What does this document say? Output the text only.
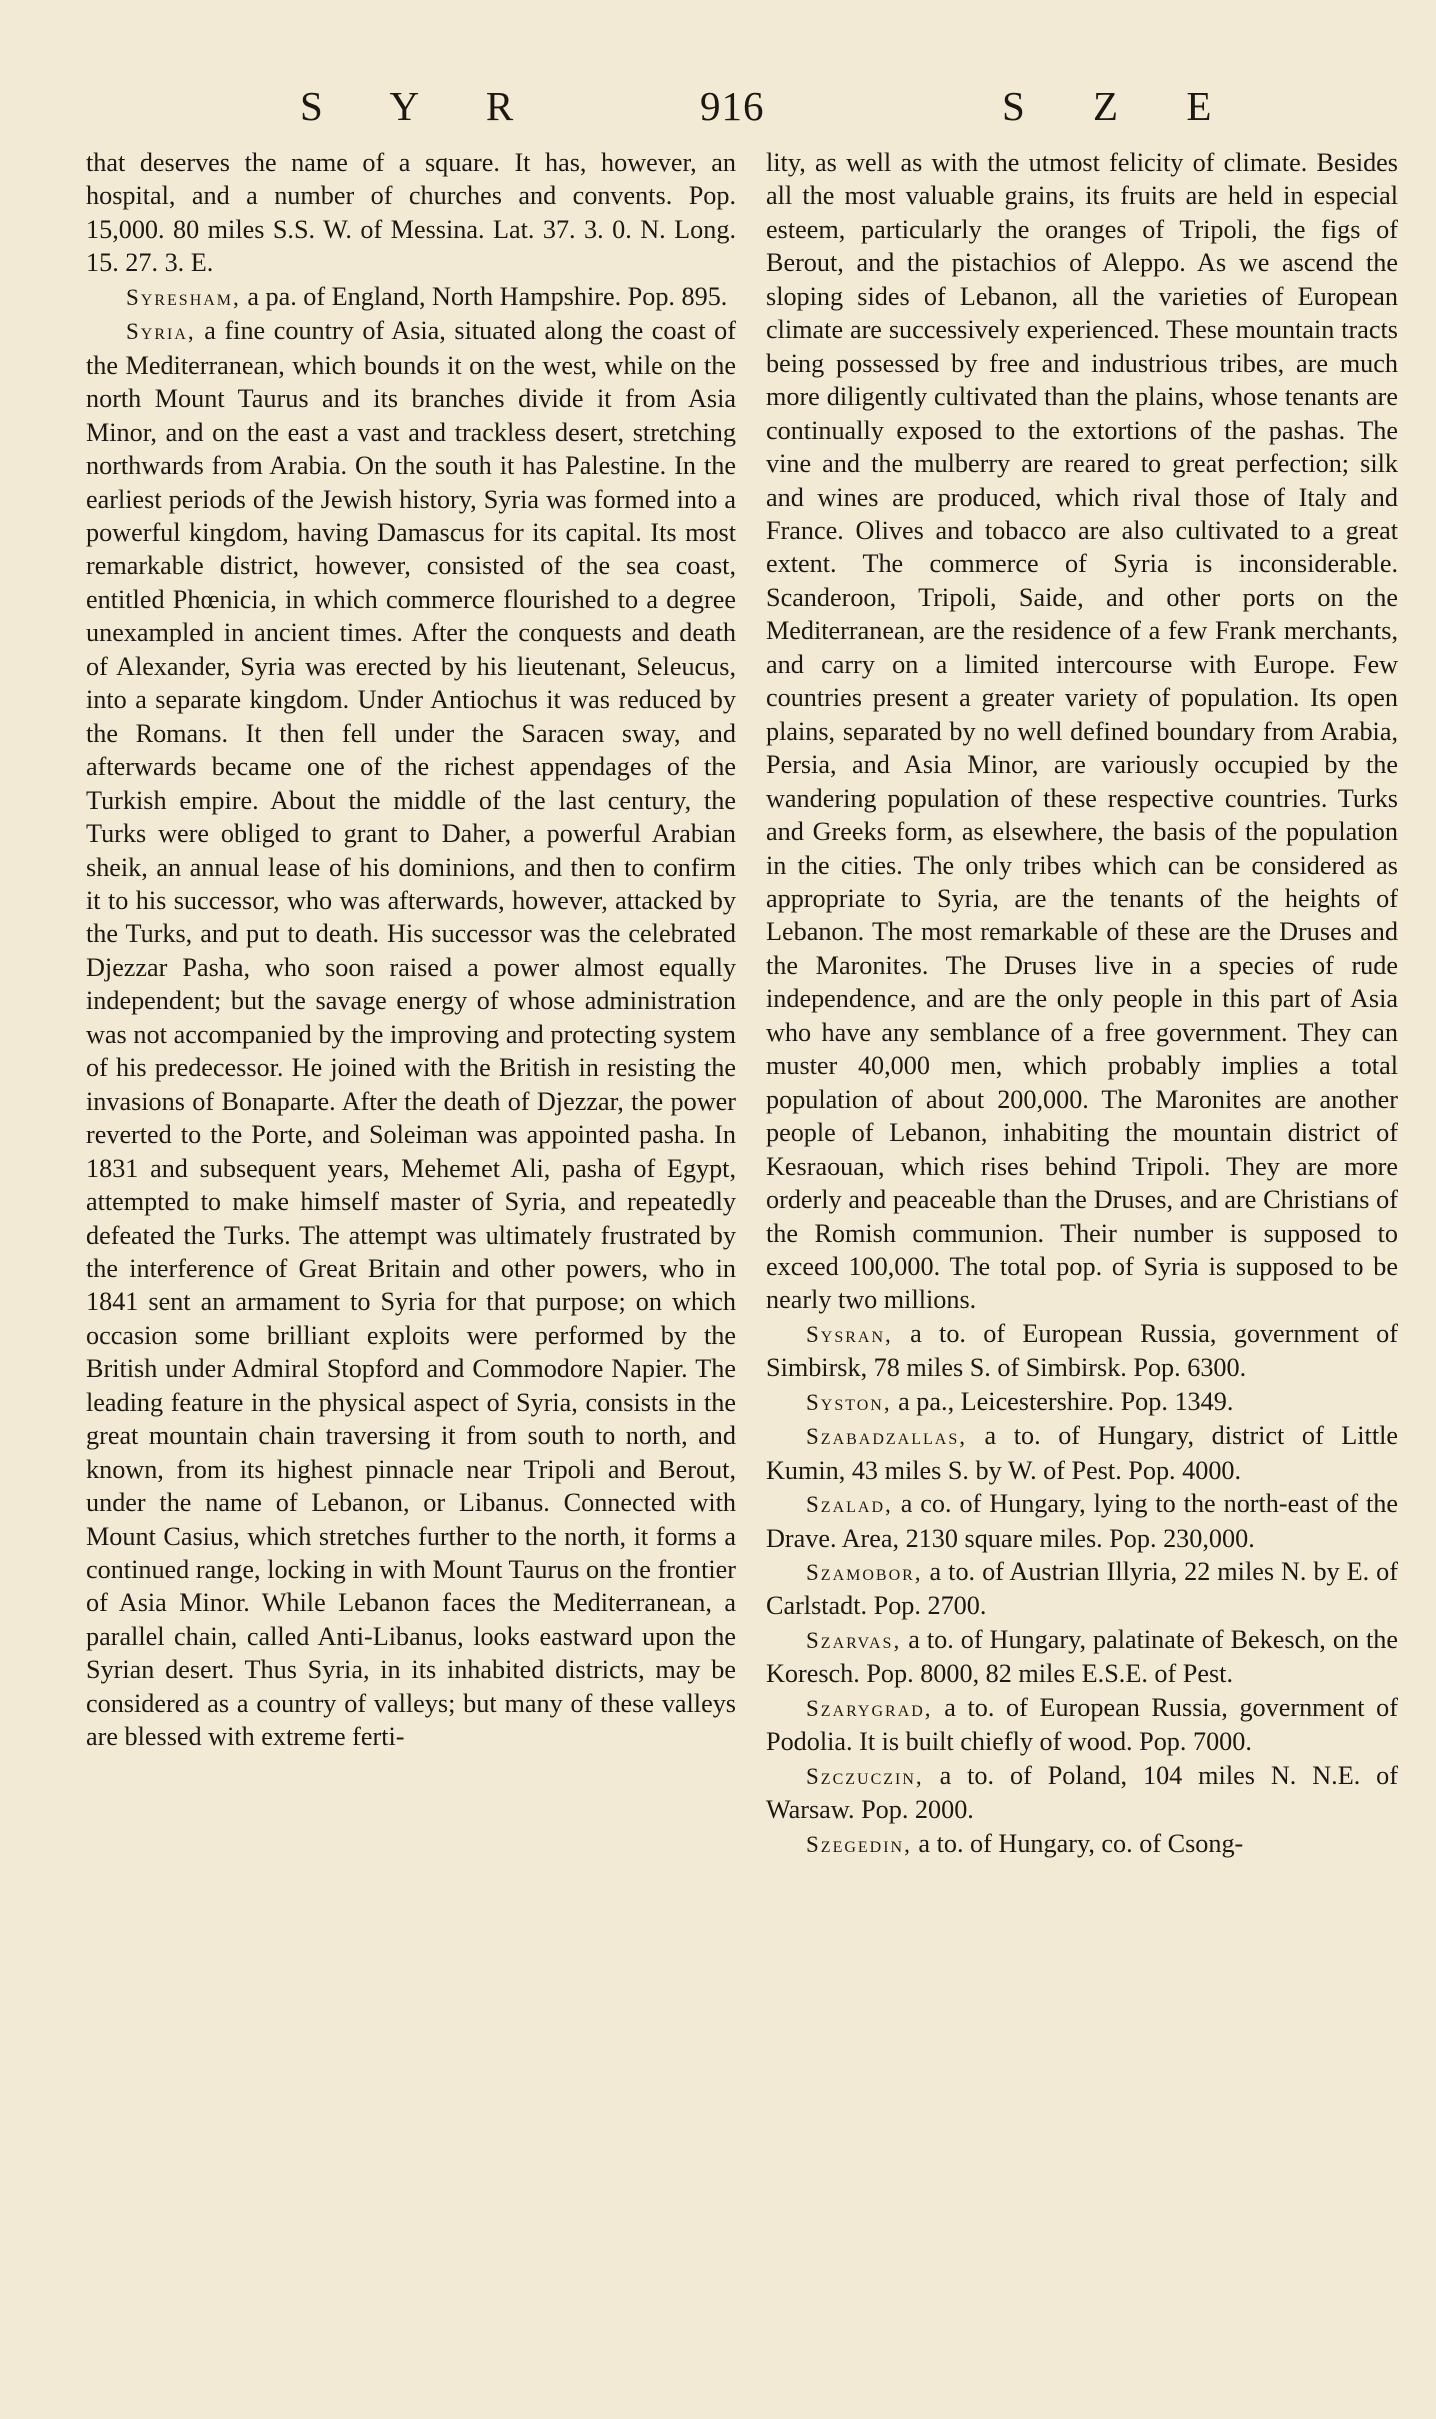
S Y R	916	S Z E

that deserves the name of a square. It has, however, an hospital, and a number of churches and convents. Pop. 15,000. 80 miles S.S. W. of Messina. Lat. 37. 3. 0. N. Long. 15. 27. 3. E.

Syresham, a pa. of England, North Hampshire. Pop. 895.

Syria, a fine country of Asia, situated along the coast of the Mediterranean, which bounds it on the west, while on the north Mount Taurus and its branches divide it from Asia Minor, and on the east a vast and trackless desert, stretching northwards from Arabia. On the south it has Palestine. In the earliest periods of the Jewish history, Syria was formed into a powerful kingdom, having Damascus for its capital. Its most remarkable district, however, consisted of the sea coast, entitled Phœnicia, in which commerce flourished to a degree unexampled in ancient times. After the conquests and death of Alexander, Syria was erected by his lieutenant, Seleucus, into a separate kingdom. Under Antiochus it was reduced by the Romans. It then fell under the Saracen sway, and afterwards became one of the richest appendages of the Turkish empire. About the middle of the last century, the Turks were obliged to grant to Daher, a powerful Arabian sheik, an annual lease of his dominions, and then to confirm it to his successor, who was afterwards, however, attacked by the Turks, and put to death. His successor was the celebrated Djezzar Pasha, who soon raised a power almost equally independent; but the savage energy of whose administration was not accompanied by the improving and protecting system of his predecessor. He joined with the British in resisting the invasions of Bonaparte. After the death of Djezzar, the power reverted to the Porte, and Soleiman was appointed pasha. In 1831 and subsequent years, Mehemet Ali, pasha of Egypt, attempted to make himself master of Syria, and repeatedly defeated the Turks. The attempt was ultimately frustrated by the interference of Great Britain and other powers, who in 1841 sent an armament to Syria for that purpose; on which occasion some brilliant exploits were performed by the British under Admiral Stopford and Commodore Napier. The leading feature in the physical aspect of Syria, consists in the great mountain chain traversing it from south to north, and known, from its highest pinnacle near Tripoli and Berout, under the name of Lebanon, or Libanus. Connected with Mount Casius, which stretches further to the north, it forms a continued range, locking in with Mount Taurus on the frontier of Asia Minor. While Lebanon faces the Mediterranean, a parallel chain, called Anti-Libanus, looks eastward upon the Syrian desert. Thus Syria, in its inhabited districts, may be considered as a country of valleys; but many of these valleys are blessed with extreme ferti-

lity, as well as with the utmost felicity of climate. Besides all the most valuable grains, its fruits are held in especial esteem, particularly the oranges of Tripoli, the figs of Berout, and the pistachios of Aleppo. As we ascend the sloping sides of Lebanon, all the varieties of European climate are successively experienced. These mountain tracts being possessed by free and industrious tribes, are much more diligently cultivated than the plains, whose tenants are continually exposed to the extortions of the pashas. The vine and the mulberry are reared to great perfection; silk and wines are produced, which rival those of Italy and France. Olives and tobacco are also cultivated to a great extent. The commerce of Syria is inconsiderable. Scanderoon, Tripoli, Saide, and other ports on the Mediterranean, are the residence of a few Frank merchants, and carry on a limited intercourse with Europe. Few countries present a greater variety of population. Its open plains, separated by no well defined boundary from Arabia, Persia, and Asia Minor, are variously occupied by the wandering population of these respective countries. Turks and Greeks form, as elsewhere, the basis of the population in the cities. The only tribes which can be considered as appropriate to Syria, are the tenants of the heights of Lebanon. The most remarkable of these are the Druses and the Maronites. The Druses live in a species of rude independence, and are the only people in this part of Asia who have any semblance of a free government. They can muster 40,000 men, which probably implies a total population of about 200,000. The Maronites are another people of Lebanon, inhabiting the mountain district of Kesraouan, which rises behind Tripoli. They are more orderly and peaceable than the Druses, and are Christians of the Romish communion. Their number is supposed to exceed 100,000. The total pop. of Syria is supposed to be nearly two millions.

Sysran, a to. of European Russia, government of Simbirsk, 78 miles S. of Simbirsk. Pop. 6300.

Syston, a pa., Leicestershire. Pop. 1349.

Szabadzallas, a to. of Hungary, district of Little Kumin, 43 miles S. by W. of Pest. Pop. 4000.

Szalad, a co. of Hungary, lying to the north-east of the Drave. Area, 2130 square miles. Pop. 230,000.

Szamobor, a to. of Austrian Illyria, 22 miles N. by E. of Carlstadt. Pop. 2700.

Szarvas, a to. of Hungary, palatinate of Bekesch, on the Koresch. Pop. 8000, 82 miles E.S.E. of Pest.

Szarygrad, a to. of European Russia, government of Podolia. It is built chiefly of wood. Pop. 7000.

Szczuczin, a to. of Poland, 104 miles N. N.E. of Warsaw. Pop. 2000.

Szegedin, a to. of Hungary, co. of Csong-
